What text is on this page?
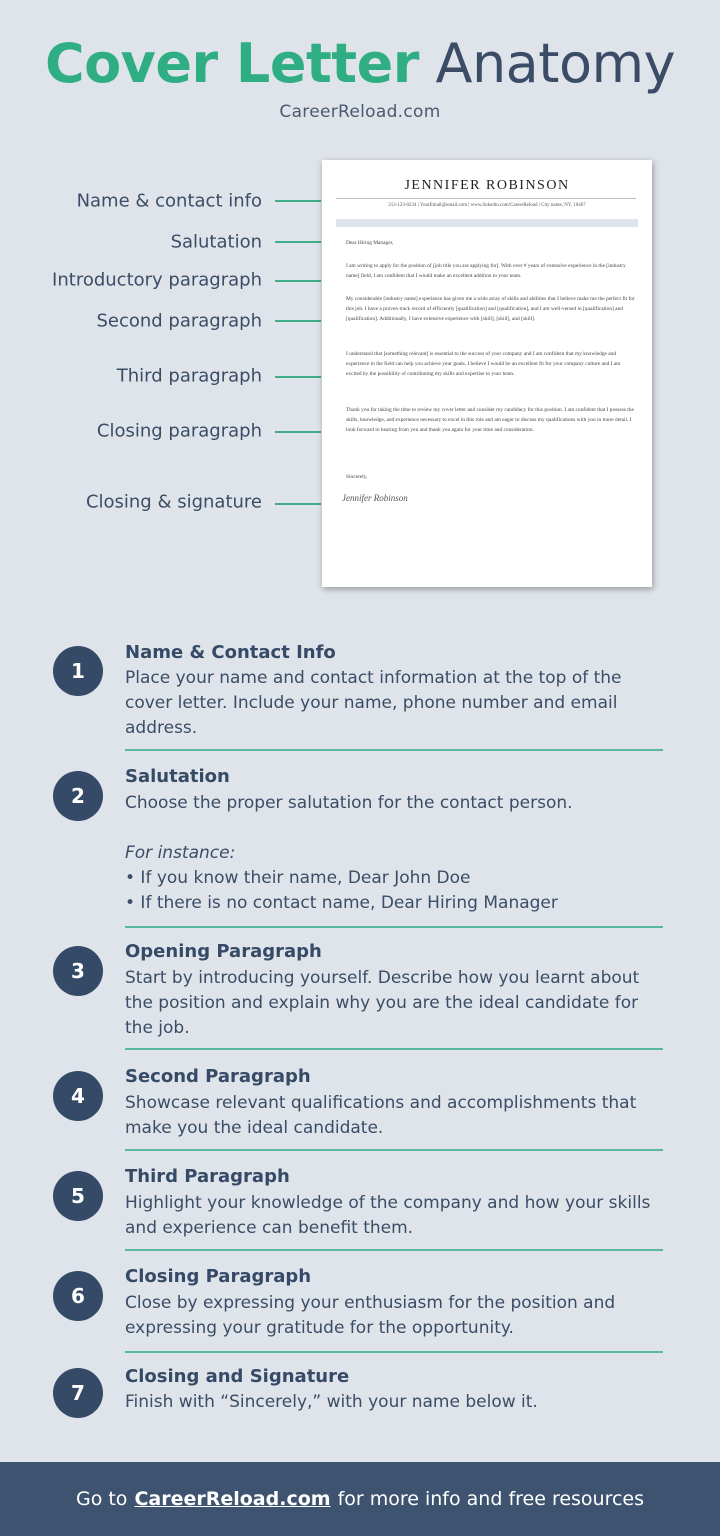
Cover Letter Anatomy
CareerReload.com
Name & contact info
Salutation
Introductory paragraph
Second paragraph
Third paragraph
Closing paragraph
Closing & signature
JENNIFER ROBINSON
212-123-0234 | YourEmail@email.com | www.linkedin.com/CareerReload | City name, NY, 10467
Dear Hiring Manager,
I am writing to apply for the position of [job title you are applying for]. With over # years of extensive experience in the [industry name] field, I am confident that I would make an excellent addition to your team.
My considerable [industry name] experience has given me a wide array of skills and abilities that I believe make me the perfect fit for this job. I have a proven track record of efficiently [qualification] and [qualification], and I am well-versed in [qualification] and [qualification]. Additionally, I have extensive experience with [skill], [skill], and [skill].
I understand that [something relevant] is essential to the success of your company and I am confident that my knowledge and experience in the field can help you achieve your goals. I believe I would be an excellent fit for your company culture and I am excited by the possibility of contributing my skills and expertise to your team.
Thank you for taking the time to review my cover letter and consider my candidacy for this position. I am confident that I possess the skills, knowledge, and experience necessary to excel in this role and am eager to discuss my qualifications with you in more detail. I look forward to hearing from you and thank you again for your time and consideration.
Sincerely,
Jennifer Robinson
1
Name & Contact Info
Place your name and contact information at the top of the cover letter. Include your name, phone number and email address.
2
Salutation
Choose the proper salutation for the contact person.
For instance:
• If you know their name, Dear John Doe
• If there is no contact name, Dear Hiring Manager
3
Opening Paragraph
Start by introducing yourself. Describe how you learnt about the position and explain why you are the ideal candidate for the job.
4
Second Paragraph
Showcase relevant qualifications and accomplishments that make you the ideal candidate.
5
Third Paragraph
Highlight your knowledge of the company and how your skills and experience can benefit them.
6
Closing Paragraph
Close by expressing your enthusiasm for the position and expressing your gratitude for the opportunity.
7
Closing and Signature
Finish with “Sincerely,” with your name below it.
Go to CareerReload.com for more info and free resources
